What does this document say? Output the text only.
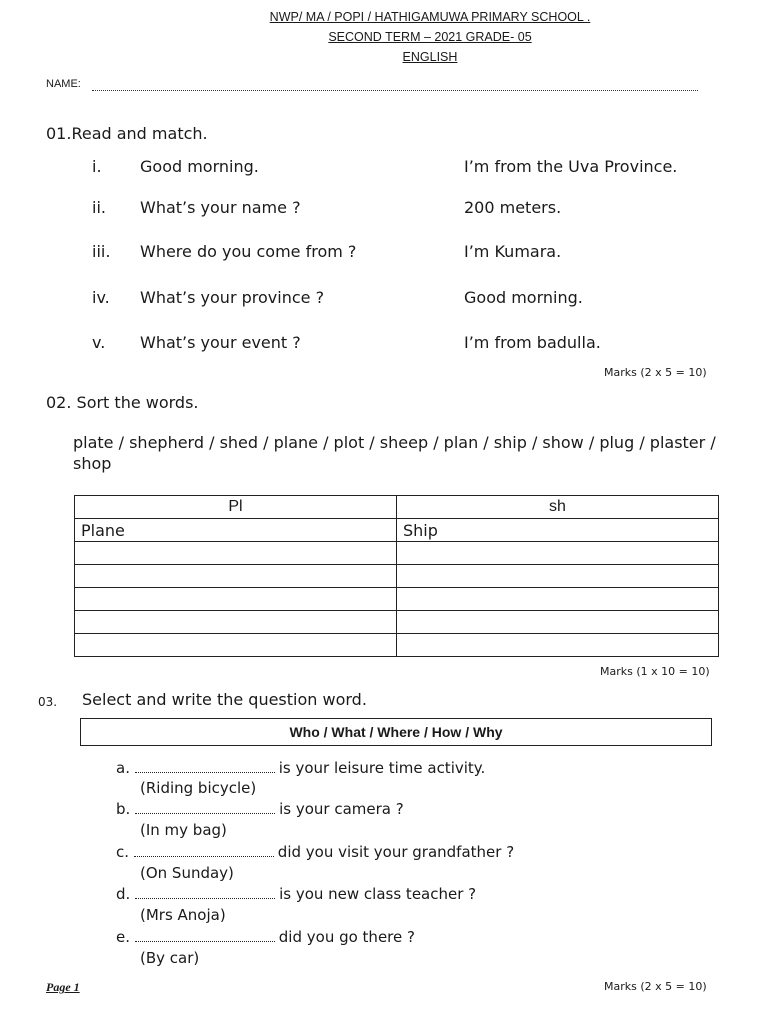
NWP/ MA / POPI / HATHIGAMUWA PRIMARY SCHOOL .
SECOND TERM – 2021 GRADE- 05
ENGLISH
NAME:
01.Read and match.
i. Good morning.	I’m from the Uva Province.
ii. What’s your name ?	200 meters.
iii. Where do you come from ?	I’m Kumara.
iv. What’s your province ?	Good morning.
v. What’s your event ?	I’m from badulla.
Marks (2 x 5 = 10)
02. Sort the words.
plate / shepherd / shed / plane / plot / sheep / plan / ship / show / plug / plaster / shop
Pl	sh
Plane	Ship

Marks (1 x 10 = 10)
03. Select and write the question word.
Who / What / Where / How / Why
a.	is your leisure time activity.
(Riding bicycle)
b.	is your camera ?
(In my bag)
c.	did you visit your grandfather ?
(On Sunday)
d.	is you new class teacher ?
(Mrs Anoja)
e.	did you go there ?
(By car)
Page 1	Marks (2 x 5 = 10)
